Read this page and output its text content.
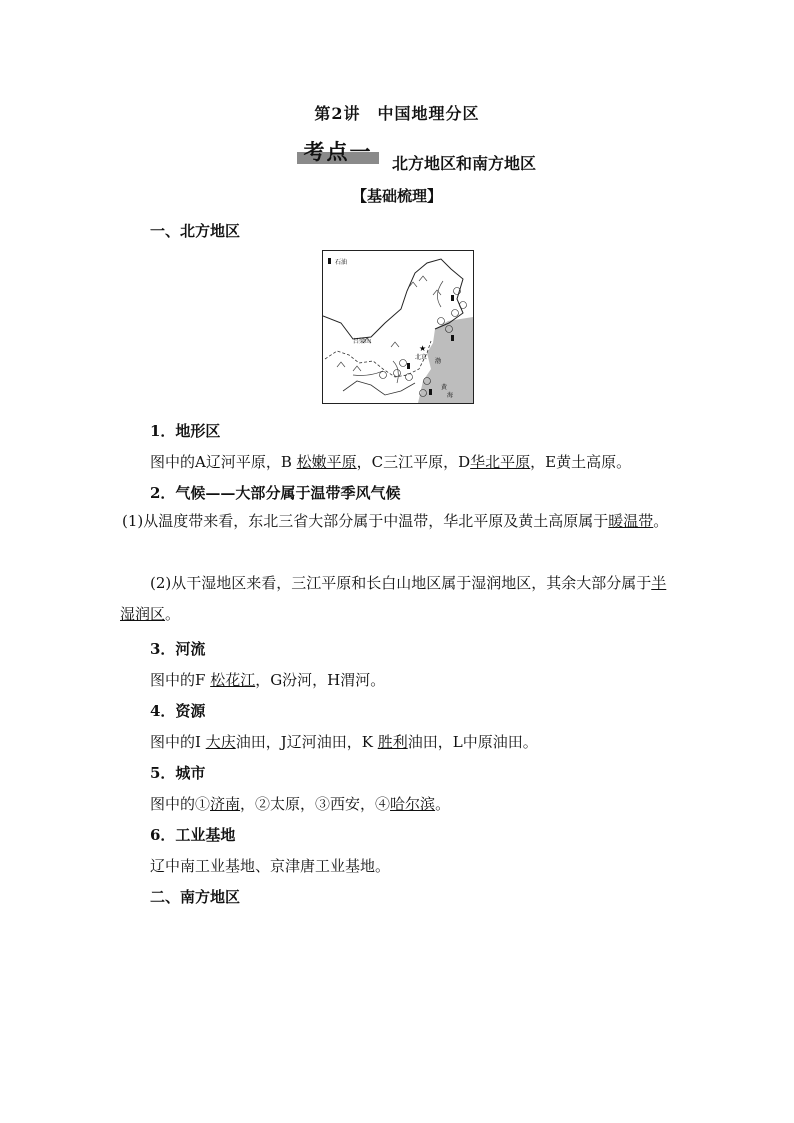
第2讲　中国地理分区
考点一	北方地区和南方地区
【基础梳理】
一、北方地区
石油
★
北京
黄
海
渤
吕梁山
1．地形区
图中的A辽河平原，B 松嫩平原，C三江平原，D华北平原，E黄土高原。
2．气候——大部分属于温带季风气候
(1)从温度带来看，东北三省大部分属于中温带，华北平原及黄土高原属于暖温带。
(2)从干湿地区来看，三江平原和长白山地区属于湿润地区，其余大部分属于半湿润区。
3．河流
图中的F 松花江，G汾河，H渭河。
4．资源
图中的I 大庆油田，J辽河油田，K 胜利油田，L中原油田。
5．城市
图中的①济南，②太原，③西安，④哈尔滨。
6．工业基地
辽中南工业基地、京津唐工业基地。
二、南方地区
